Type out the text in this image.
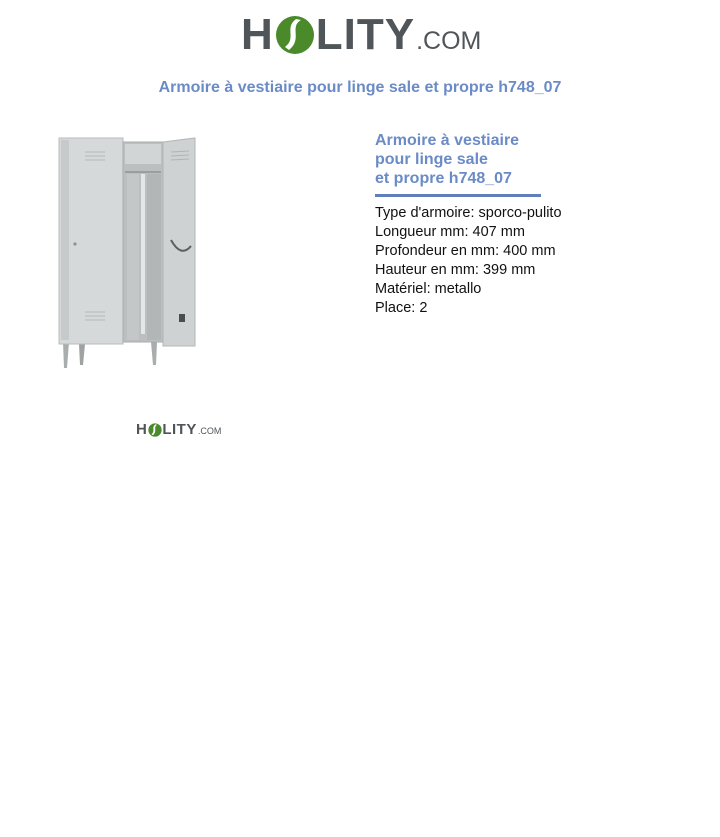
H LITY .COM
Armoire à vestiaire pour linge sale et propre h748_07
H LITY .COM
Armoire à vestiaire
pour linge sale
et propre h748_07
Type d'armoire: sporco-pulito
Longueur mm: 407 mm
Profondeur en mm: 400 mm
Hauteur en mm: 399 mm
Matériel: metallo
Place: 2
